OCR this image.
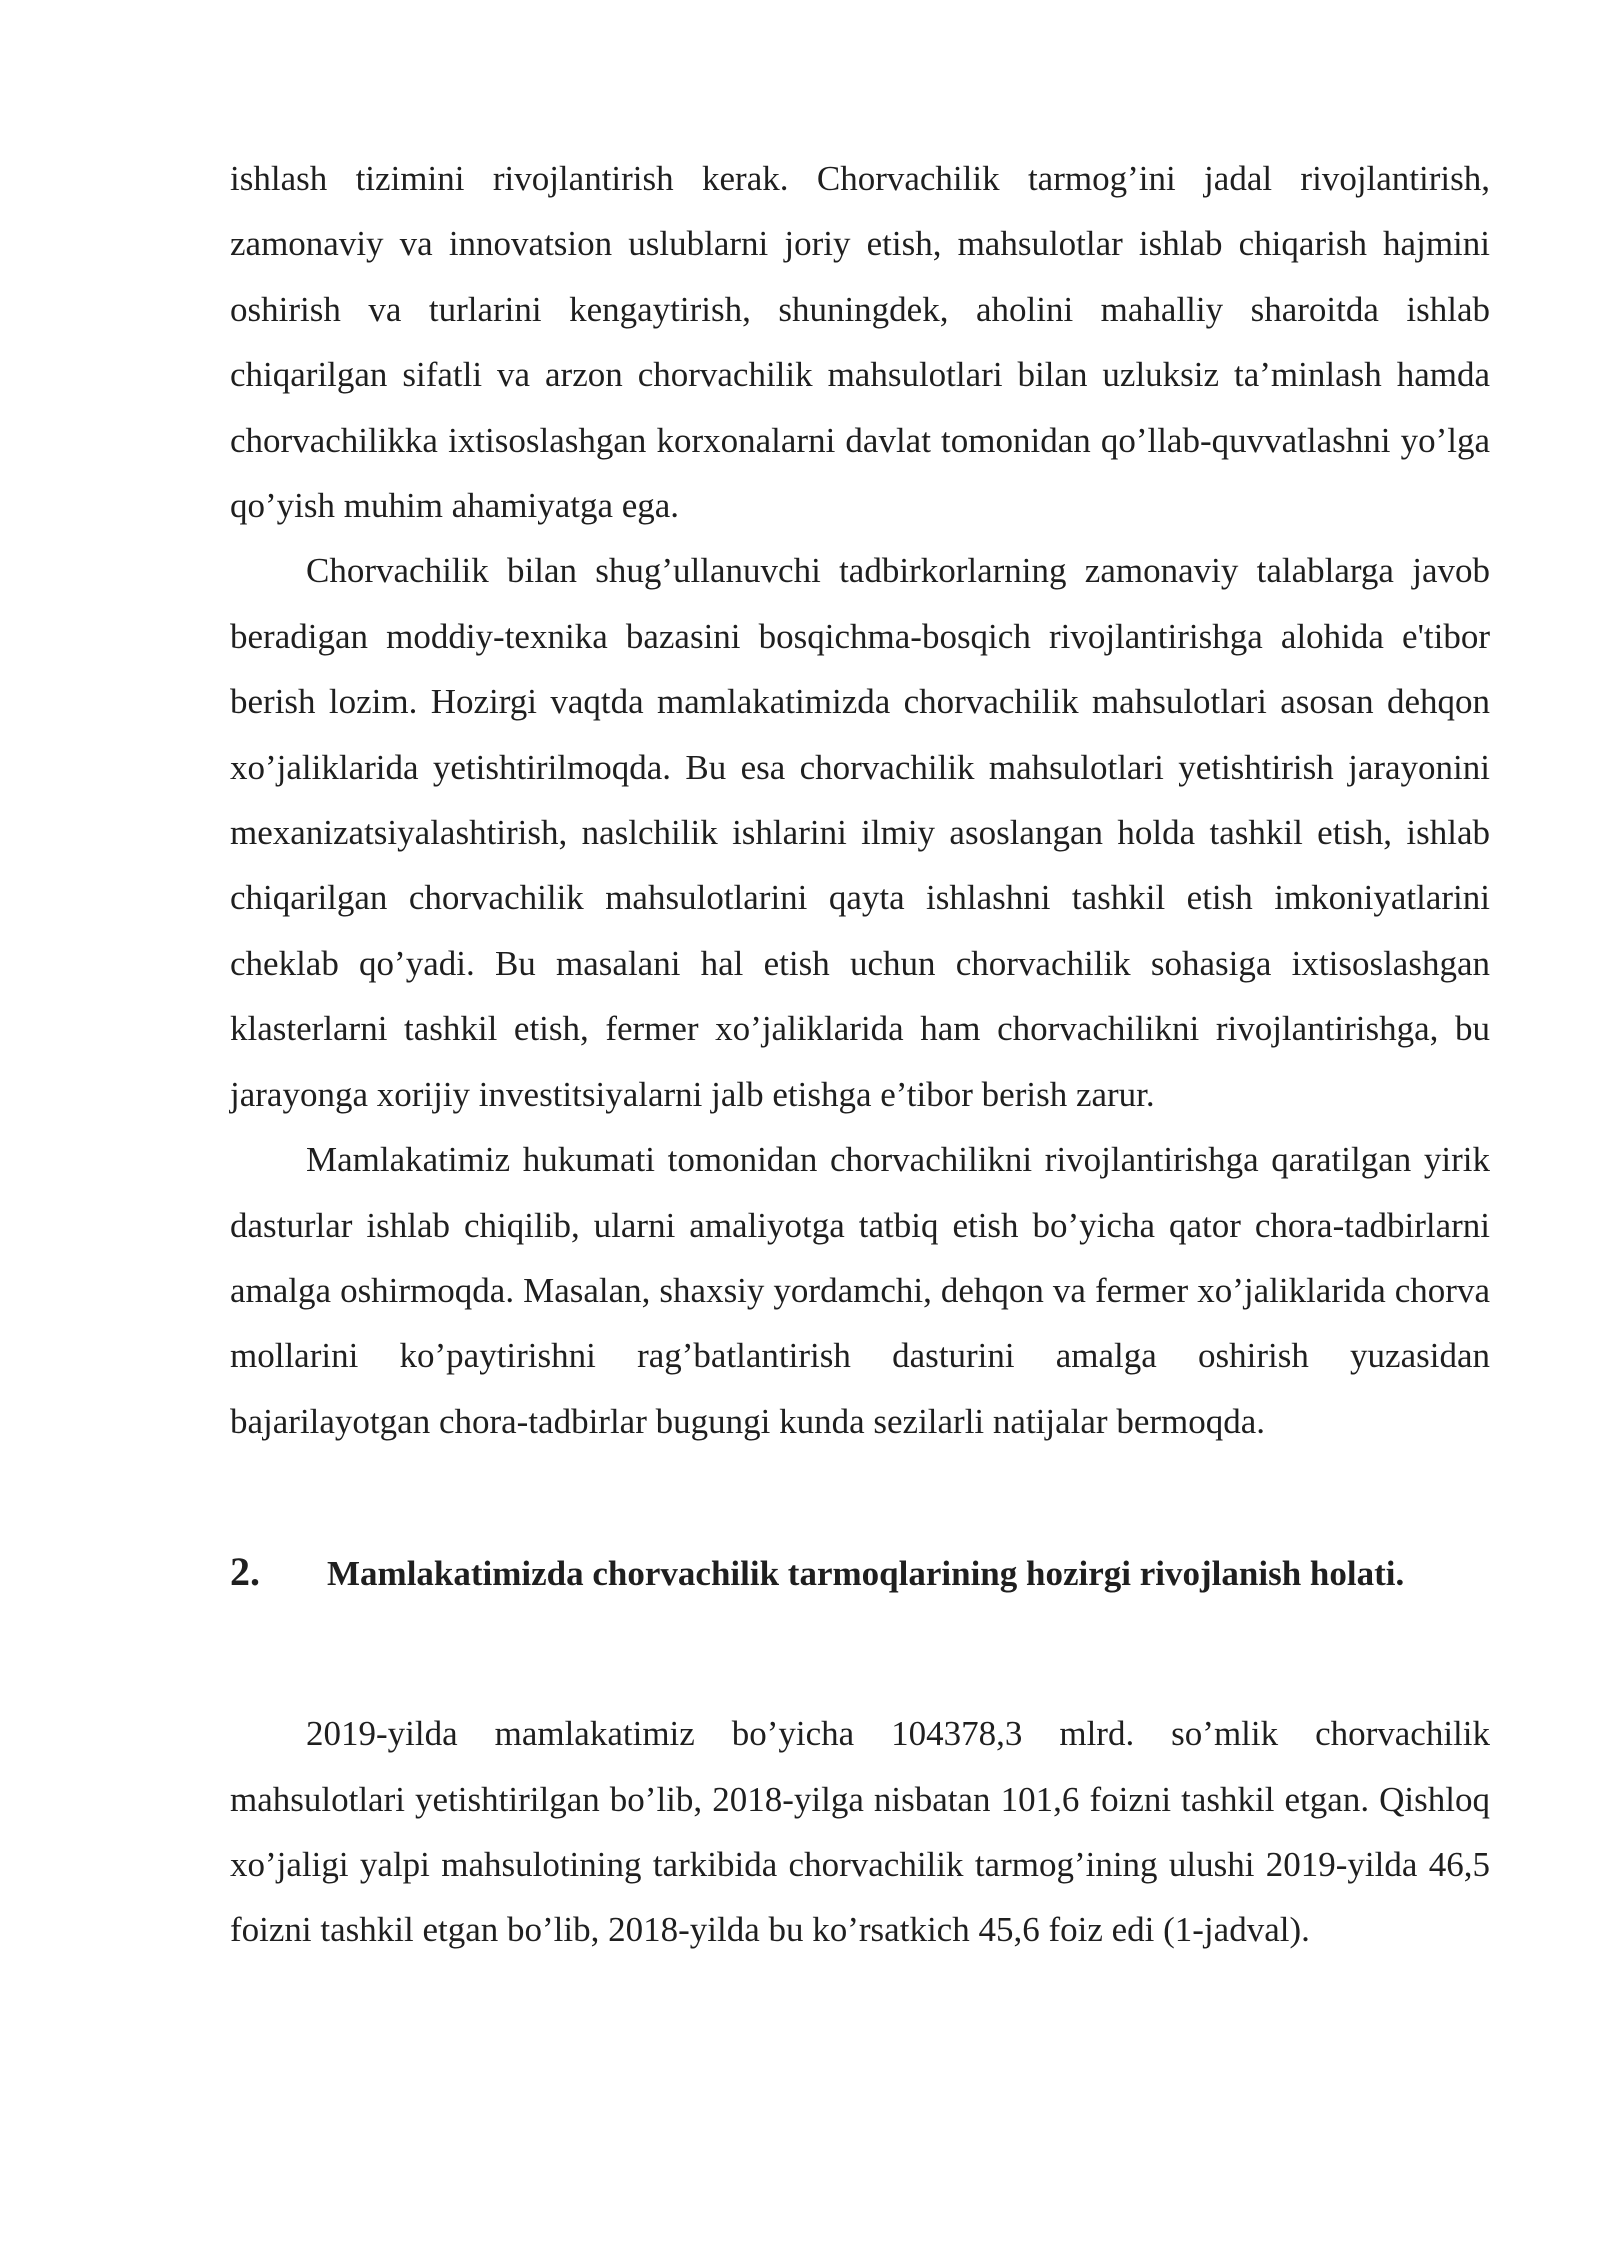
ishlash tizimini rivojlantirish kerak. Chorvachilik tarmog’ini jadal rivojlantirish, zamonaviy va innovatsion uslublarni joriy etish, mahsulotlar ishlab chiqarish hajmini oshirish va turlarini kengaytirish, shuningdek, aholini mahalliy sharoitda ishlab chiqarilgan sifatli va arzon chorvachilik mahsulotlari bilan uzluksiz ta’minlash hamda chorvachilikka ixtisoslashgan korxonalarni davlat tomonidan qo’llab-quvvatlashni yo’lga qo’yish muhim ahamiyatga ega.

Chorvachilik bilan shug’ullanuvchi tadbirkorlarning zamonaviy talablarga javob beradigan moddiy-texnika bazasini bosqichma-bosqich rivojlantirishga alohida e'tibor berish lozim. Hozirgi vaqtda mamlakatimizda chorvachilik mahsulotlari asosan dehqon xo’jaliklarida yetishtirilmoqda. Bu esa chorvachilik mahsulotlari yetishtirish jarayonini mexanizatsiyalashtirish, naslchilik ishlarini ilmiy asoslangan holda tashkil etish, ishlab chiqarilgan chorvachilik mahsulotlarini qayta ishlashni tashkil etish imkoniyatlarini cheklab qo’yadi. Bu masalani hal etish uchun chorvachilik sohasiga ixtisoslashgan klasterlarni tashkil etish, fermer xo’jaliklarida ham chorvachilikni rivojlantirishga, bu jarayonga xorijiy investitsiyalarni jalb etishga e’tibor berish zarur.

Mamlakatimiz hukumati tomonidan chorvachilikni rivojlantirishga qaratilgan yirik dasturlar ishlab chiqilib, ularni amaliyotga tatbiq etish bo’yicha qator chora-tadbirlarni amalga oshirmoqda. Masalan, shaxsiy yordamchi, dehqon va fermer xo’jaliklarida chorva mollarini ko’paytirishni rag’batlantirish dasturini amalga oshirish yuzasidan bajarilayotgan chora-tadbirlar bugungi kunda sezilarli natijalar bermoqda.

2.	Mamlakatimizda chorvachilik tarmoqlarining hozirgi rivojlanish holati.

2019-yilda mamlakatimiz bo’yicha 104378,3 mlrd. so’mlik chorvachilik mahsulotlari yetishtirilgan bo’lib, 2018-yilga nisbatan 101,6 foizni tashkil etgan. Qishloq xo’jaligi yalpi mahsulotining tarkibida chorvachilik tarmog’ining ulushi 2019-yilda 46,5 foizni tashkil etgan bo’lib, 2018-yilda bu ko’rsatkich 45,6 foiz edi (1-jadval).
